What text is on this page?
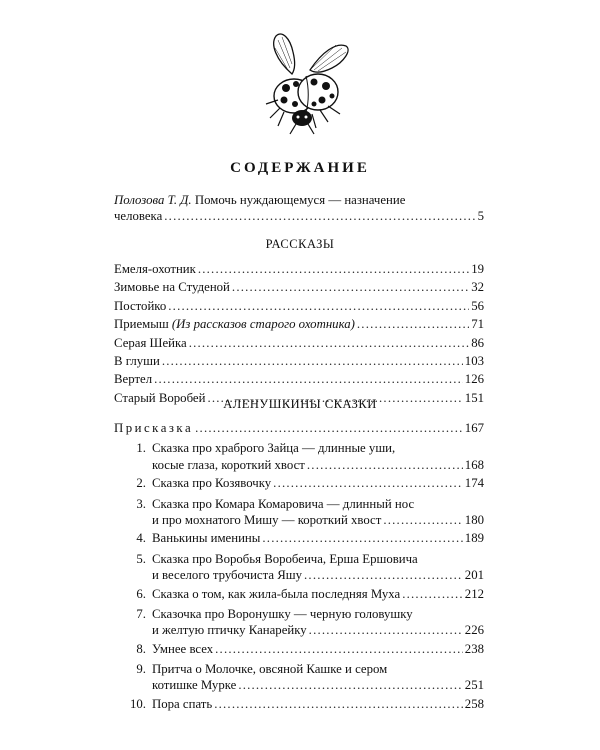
СОДЕРЖАНИЕ
Полозова Т. Д. Помочь нуждающемуся — назначение
человека .....	5
РАССКАЗЫ
Емеля-охотник .....	19
Зимовье на Студеной .....	32
Постойко .....	56
Приемыш (Из рассказов старого охотника) .....	71
Серая Шейка .....	86
В глуши .....	103
Вертел .....	126
Старый Воробей .....	151
АЛЕНУШКИНЫ СКАЗКИ
Присказка .....	167
1. Сказка про храброго Зайца — длинные уши,
косые глаза, короткий хвост .....	168
2. Сказка про Козявочку .....	174
3. Сказка про Комара Комаровича — длинный нос
и про мохнатого Мишу — короткий хвост .....	180
4. Ванькины именины .....	189
5. Сказка про Воробья Воробеича, Ерша Ершовича
и веселого трубочиста Яшу .....	201
6. Сказка о том, как жила-была последняя Муха .....	212
7. Сказочка про Воронушку — черную головушку
и желтую птичку Канарейку .....	226
8. Умнее всех .....	238
9. Притча о Молочке, овсяной Кашке и сером
котишке Мурке .....	251
10. Пора спать .....	258
